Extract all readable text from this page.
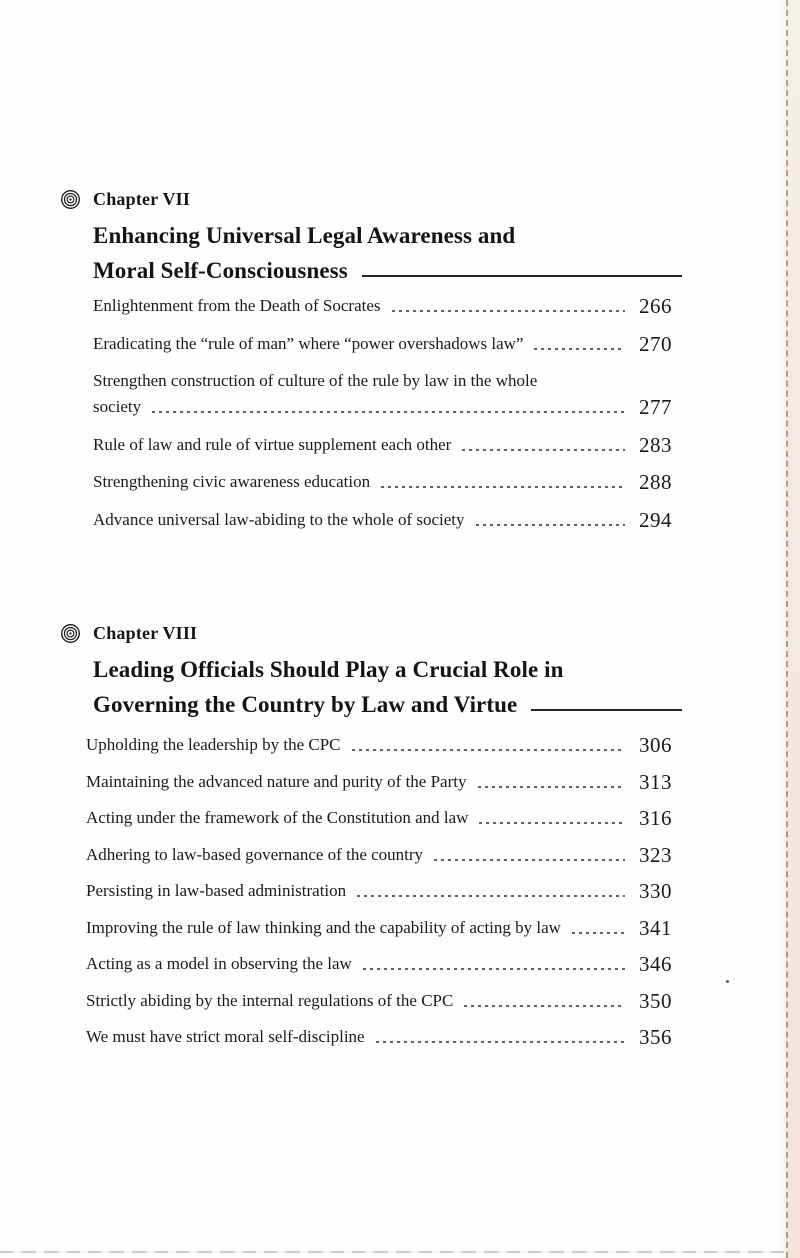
Chapter VII
Enhancing Universal Legal Awareness and
Moral Self-Consciousness
Enlightenment from the Death of Socrates	266
Eradicating the “rule of man” where “power overshadows law”	270
Strengthen construction of culture of the rule by law in the whole
society	277
Rule of law and rule of virtue supplement each other	283
Strengthening civic awareness education	288
Advance universal law-abiding to the whole of society	294
Chapter VIII
Leading Officials Should Play a Crucial Role in
Governing the Country by Law and Virtue
Upholding the leadership by the CPC	306
Maintaining the advanced nature and purity of the Party	313
Acting under the framework of the Constitution and law	316
Adhering to law-based governance of the country	323
Persisting in law-based administration	330
Improving the rule of law thinking and the capability of acting by law	341
Acting as a model in observing the law	346
Strictly abiding by the internal regulations of the CPC	350
We must have strict moral self-discipline	356
